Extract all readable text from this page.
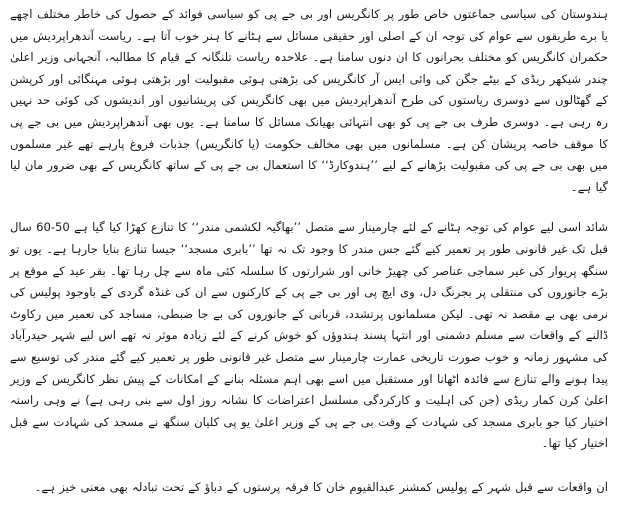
ہندوستان کی سیاسی جماعتوں خاص طور پر کانگریس اور بی جے پی کو سیاسی فوائد کے حصول کی خاطر مختلف اچھے یا برے طریقوں سے عوام کی توجہ ان کے اصلی اور حقیقی مسائل سے ہٹانے کا ہنر خوب آتا ہے۔ ریاست آندھراپردیش میں حکمران کانگریس کو مختلف بحرانوں کا ان دنوں سامنا ہے۔ علاحدہ ریاست تلنگانہ کے قیام کا مطالبہ، آنجہانی وزیر اعلیٰ چندر شیکھر ریڈی کے بیٹے جگن کی وائی ایس آر کانگریس کی بڑھتی ہوئی مقبولیت اور بڑھتی ہوئی مہنگائی اور کرپشن کے گھٹالوں سے دوسری ریاستوں کی طرح آندھراپردیش میں بھی کانگریس کی پریشانیوں اور اندیشوں کی کوئی حد نہیں رہ رہی ہے۔ دوسری طرف بی جے پی کو بھی انتہائی بھیانک مسائل کا سامنا ہے۔ یوں بھی آندھراپردیش میں بی جے پی کا موقف خاصہ پریشان کن ہے۔ مسلمانوں میں بھی مخالف حکومت (یا کانگریس) جذبات فروغ پارہے تھے غیر مسلموں میں بھی بی جے پی کی مقبولیت بڑھانے کے لیے ’’ہندوکارڈ‘‘ کا استعمال بی جے پی کے ساتھ کانگریس کے بھی ضرور مان لیا گیا ہے۔

شائد اسی لیے عوام کی توجہ ہٹانے کے لئے چارمینار سے متصل ’’بھاگیہ لکشمی مندر‘‘ کا تنازع کھڑا کیا گیا ہے 50-60 سال قبل تک غیر قانونی طور پر تعمیر کیے گئے جس مندر کا وجود تک نہ تھا ’’بابری مسجد‘‘ جیسا تنازع بنایا جارہا ہے۔ یوں تو سنگھ پریوار کی غیر سماجی عناصر کی چھیڑ خانی اور شرارتوں کا سلسلہ کئی ماہ سے چل رہا تھا۔ بقر عید کے موقع پر بڑے جانوروں کی منتقلی پر بجرنگ دل، وی ایچ پی اور بی جے پی کے کارکنوں سے ان کی غنڈہ گردی کے باوجود پولیس کی نرمی بھی بے مقصد نہ تھی۔ لیکن مسلمانوں پرتشدد، قربانی کے جانوروں کی بے جا ضبطی، مساجد کی تعمیر میں رکاوٹ ڈالنے کے واقعات سے مسلم دشمنی اور انتہا پسند ہندوؤں کو خوش کرنے کے لئے زیادہ موثر نہ تھے اس لیے شہر حیدرآباد کی مشہور زمانہ و خوب صورت تاریخی عمارت چارمینار سے متصل غیر قانونی طور پر تعمیر کیے گئے مندر کی توسیع سے پیدا ہونے والے تنازع سے فائدہ اٹھانا اور مستقبل میں اسے بھی اہم مسئلہ بنانے کے امکانات کے پیش نظر کانگریس کے وزیر اعلیٰ کرن کمار ریڈی (جن کی اہلیت و کارکردگی مسلسل اعتراضات کا نشانہ روز اول سے بنی رہی ہے) نے وہی راستہ اختیار کیا جو بابری مسجد کی شہادت کے وقت بی جے پی کے وزیر اعلیٰ یو پی کلیان سنگھ نے مسجد کی شہادت سے قبل اختیار کیا تھا۔

ان واقعات سے قبل شہر کے پولیس کمشنر عبدالقیوم خان کا فرقہ پرستوں کے دباؤ کے تحت تبادلہ بھی معنی خیز ہے۔
